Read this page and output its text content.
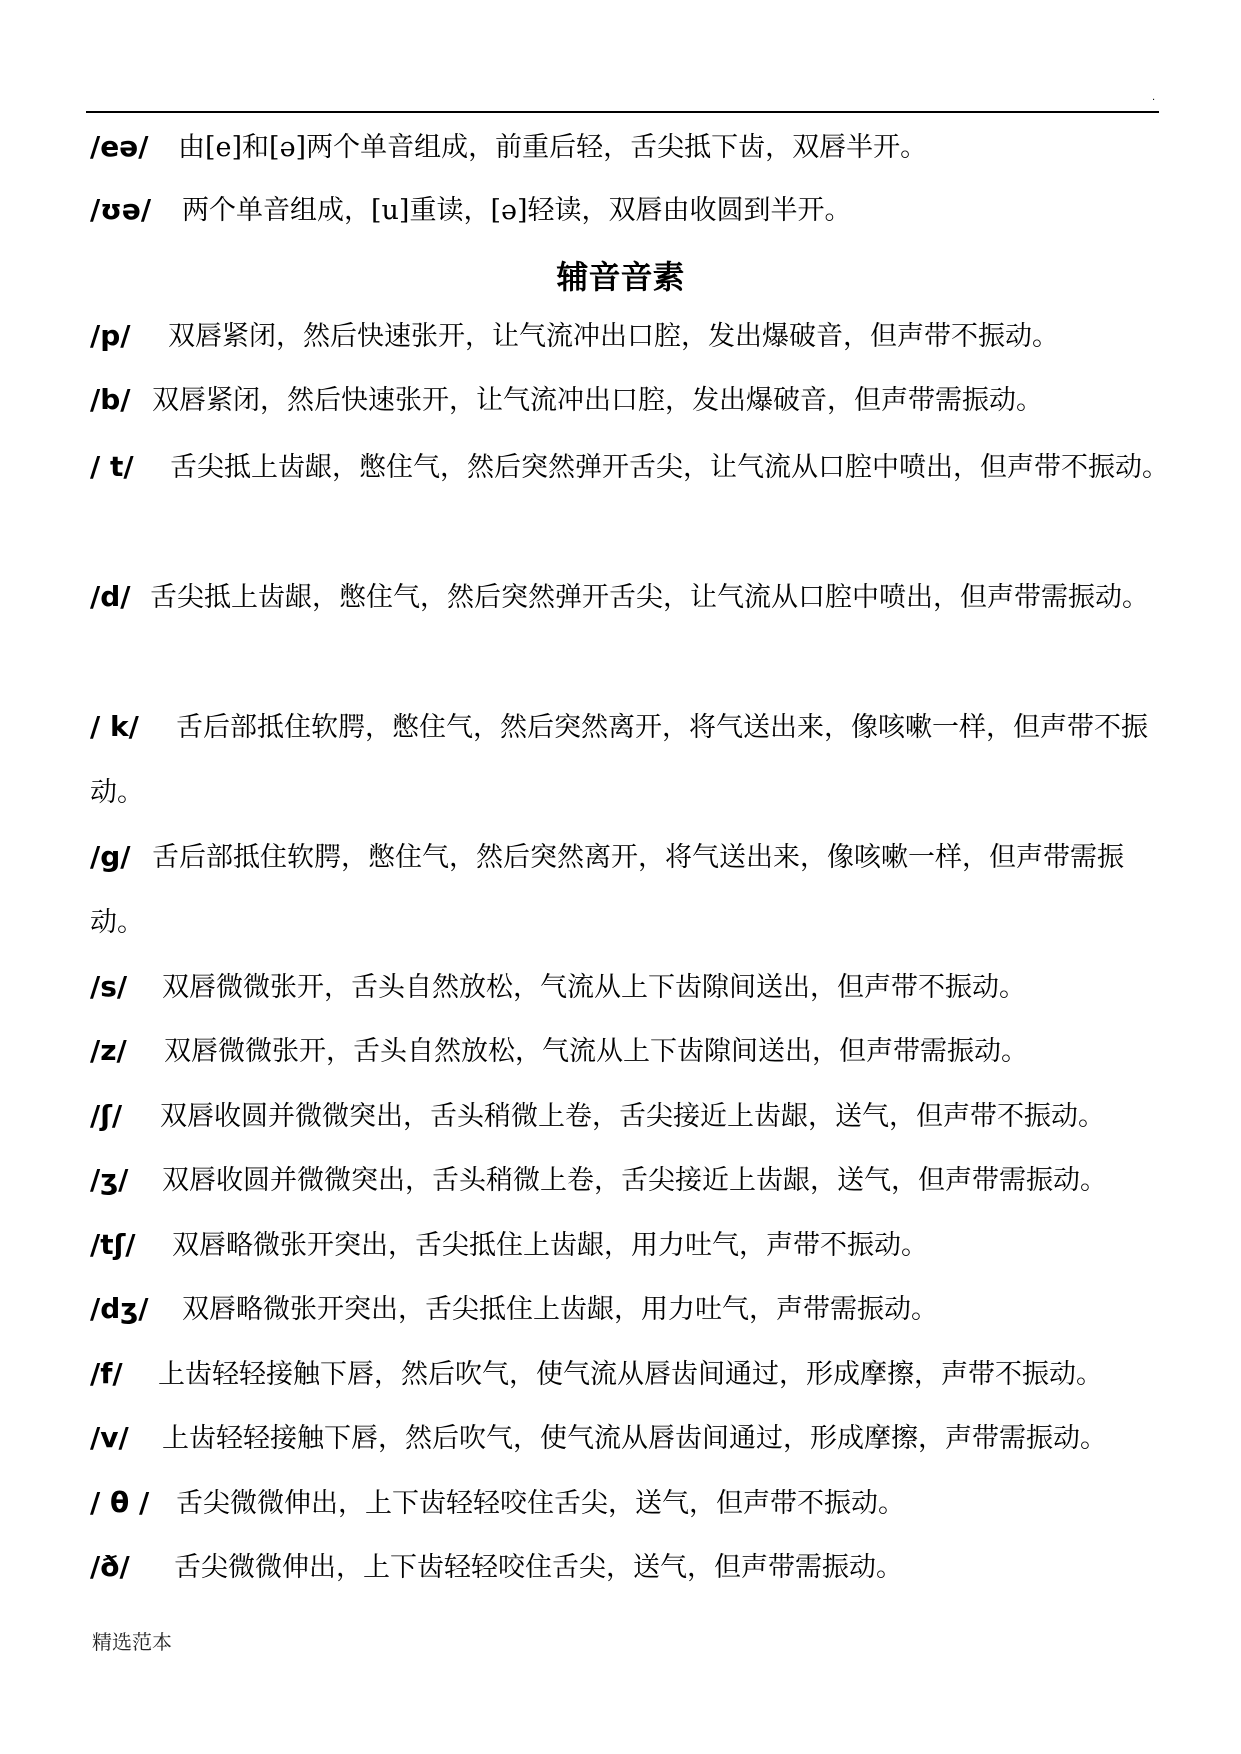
.
/eə/ 由[e]和[ə]两个单音组成，前重后轻，舌尖抵下齿，双唇半开。
/ʊə/ 两个单音组成，[u]重读，[ə]轻读，双唇由收圆到半开。
辅音音素
/p/ 双唇紧闭，然后快速张开，让气流冲出口腔，发出爆破音，但声带不振动。
/b/ 双唇紧闭，然后快速张开，让气流冲出口腔，发出爆破音，但声带需振动。
/ t/ 舌尖抵上齿龈，憋住气，然后突然弹开舌尖，让气流从口腔中喷出，但声带不振动。
/d/ 舌尖抵上齿龈，憋住气，然后突然弹开舌尖，让气流从口腔中喷出，但声带需振动。
/ k/ 舌后部抵住软腭，憋住气，然后突然离开，将气送出来，像咳嗽一样，但声带不振动。
/g/ 舌后部抵住软腭，憋住气，然后突然离开，将气送出来，像咳嗽一样，但声带需振动。
/s/ 双唇微微张开，舌头自然放松，气流从上下齿隙间送出，但声带不振动。
/z/ 双唇微微张开，舌头自然放松，气流从上下齿隙间送出，但声带需振动。
/ʃ/ 双唇收圆并微微突出，舌头稍微上卷，舌尖接近上齿龈，送气，但声带不振动。
/ʒ/ 双唇收圆并微微突出，舌头稍微上卷，舌尖接近上齿龈，送气，但声带需振动。
/tʃ/ 双唇略微张开突出，舌尖抵住上齿龈，用力吐气，声带不振动。
/dʒ/ 双唇略微张开突出，舌尖抵住上齿龈，用力吐气，声带需振动。
/f/ 上齿轻轻接触下唇，然后吹气，使气流从唇齿间通过，形成摩擦，声带不振动。
/v/ 上齿轻轻接触下唇，然后吹气，使气流从唇齿间通过，形成摩擦，声带需振动。
/ θ / 舌尖微微伸出，上下齿轻轻咬住舌尖，送气，但声带不振动。
/ð/ 舌尖微微伸出，上下齿轻轻咬住舌尖，送气，但声带需振动。
精选范本
